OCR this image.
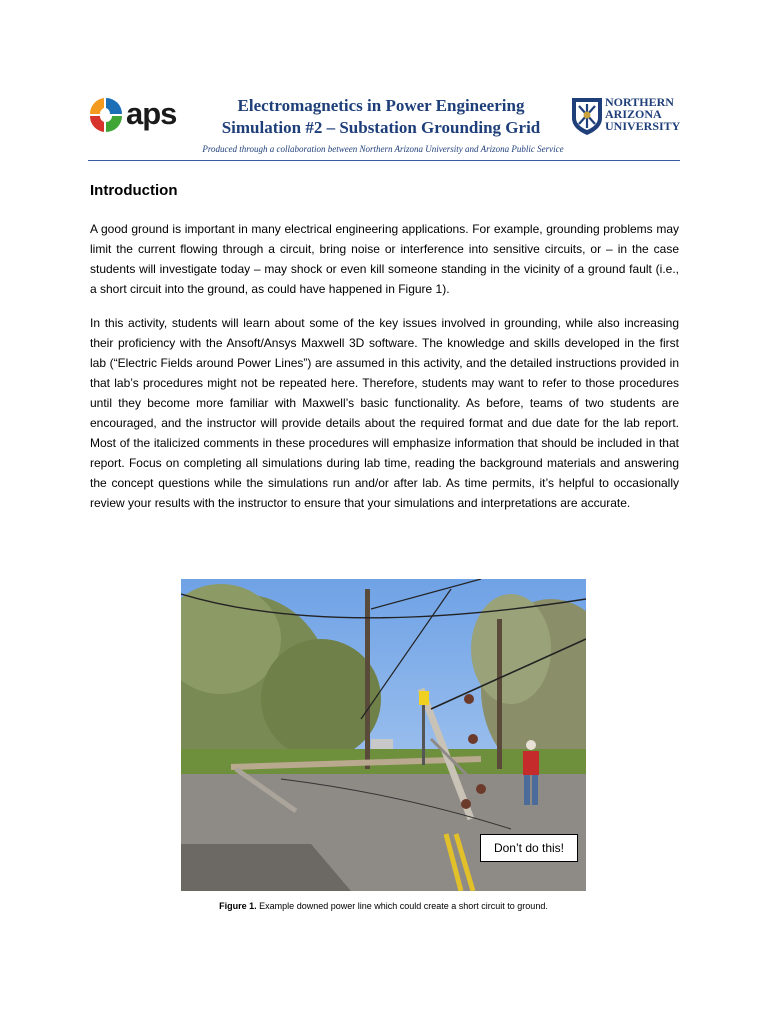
aps	Electromagnetics in Power Engineering
Simulation #2 – Substation Grounding Grid
NORTHERN
ARIZONA
UNIVERSITY
Produced through a collaboration between Northern Arizona University and Arizona Public Service
Introduction
A good ground is important in many electrical engineering applications. For example, grounding problems may limit the current flowing through a circuit, bring noise or interference into sensitive circuits, or – in the case students will investigate today – may shock or even kill someone standing in the vicinity of a ground fault (i.e., a short circuit into the ground, as could have happened in Figure 1).
In this activity, students will learn about some of the key issues involved in grounding, while also increasing their proficiency with the Ansoft/Ansys Maxwell 3D software. The knowledge and skills developed in the first lab (“Electric Fields around Power Lines”) are assumed in this activity, and the detailed instructions provided in that lab’s procedures might not be repeated here. Therefore, students may want to refer to those procedures until they become more familiar with Maxwell’s basic functionality. As before, teams of two students are encouraged, and the instructor will provide details about the required format and due date for the lab report. Most of the italicized comments in these procedures will emphasize information that should be included in that report. Focus on completing all simulations during lab time, reading the background materials and answering the concept questions while the simulations run and/or after lab. As time permits, it’s helpful to occasionally review your results with the instructor to ensure that your simulations and interpretations are accurate.
Don’t do this!
Figure 1. Example downed power line which could create a short circuit to ground.
